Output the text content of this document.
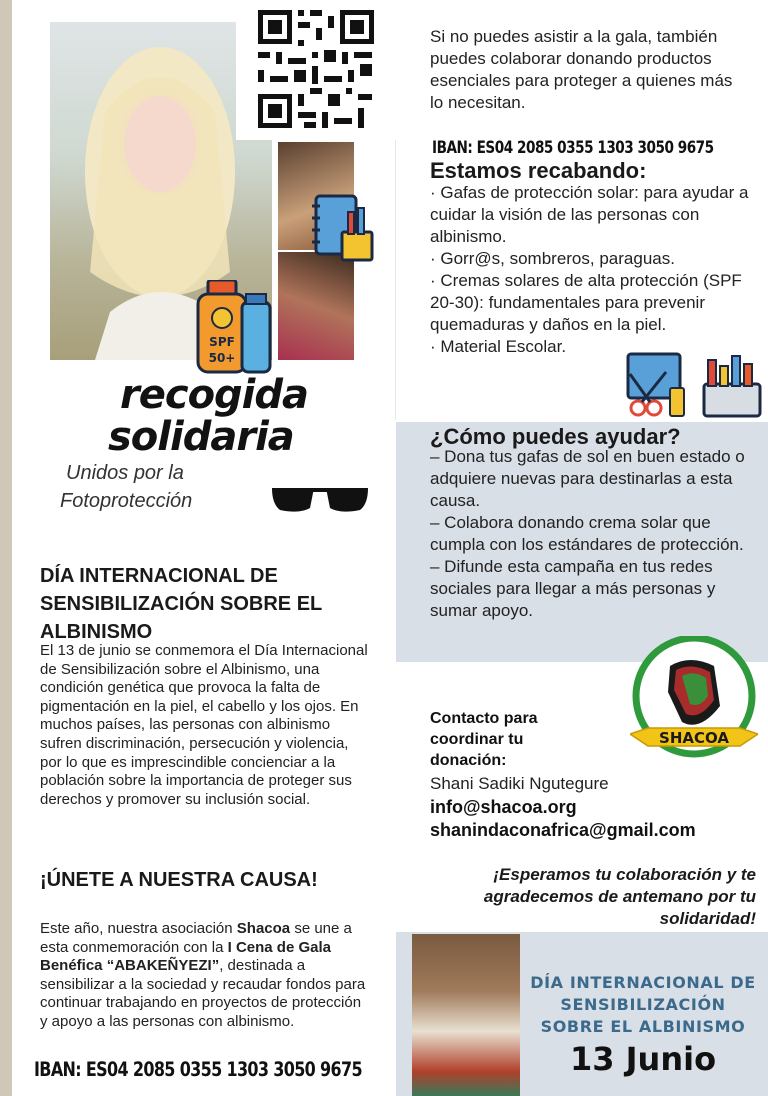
SPF
50+
recogida
solidaria
Unidos por la
Fotoprotección
DÍA INTERNACIONAL DE SENSIBILIZACIÓN SOBRE EL ALBINISMO
El 13 de junio se conmemora el Día Internacional de Sensibilización sobre el Albinismo, una condición genética que provoca la falta de pigmentación en la piel, el cabello y los ojos. En muchos países, las personas con albinismo sufren discriminación, persecución y violencia, por lo que es imprescindible concienciar a la población sobre la importancia de proteger sus derechos y promover su inclusión social.
¡ÚNETE A NUESTRA CAUSA!
Este año, nuestra asociación Shacoa se une a esta conmemoración con la I Cena de Gala Benéfica “ABAKEÑYEZI”, destinada a sensibilizar a la sociedad y recaudar fondos para continuar trabajando en proyectos de protección y apoyo a las personas con albinismo.
IBAN: ES04 2085 0355 1303 3050 9675
Si no puedes asistir a la gala, también puedes colaborar donando productos esenciales para proteger a quienes más lo necesitan.
IBAN: ES04 2085 0355 1303 3050 9675
Estamos recabando:
· Gafas de protección solar: para ayudar a cuidar la visión de las personas con albinismo.
· Gorr@s, sombreros, paraguas.
· Cremas solares de alta protección (SPF 20-30): fundamentales para prevenir quemaduras y daños en la piel.
· Material Escolar.
¿Cómo puedes ayudar?
– Dona tus gafas de sol en buen estado o adquiere nuevas para destinarlas a esta causa.
– Colabora donando crema solar que cumpla con los estándares de protección.
– Difunde esta campaña en tus redes sociales para llegar a más personas y sumar apoyo.
SHACOA
Contacto para coordinar tu donación:
Shani Sadiki Ngutegure
info@shacoa.org
shanindaconafrica@gmail.com
¡Esperamos tu colaboración y te agradecemos de antemano por tu solidaridad!
DÍA INTERNACIONAL DE SENSIBILIZACIÓN SOBRE EL ALBINISMO
13 Junio
